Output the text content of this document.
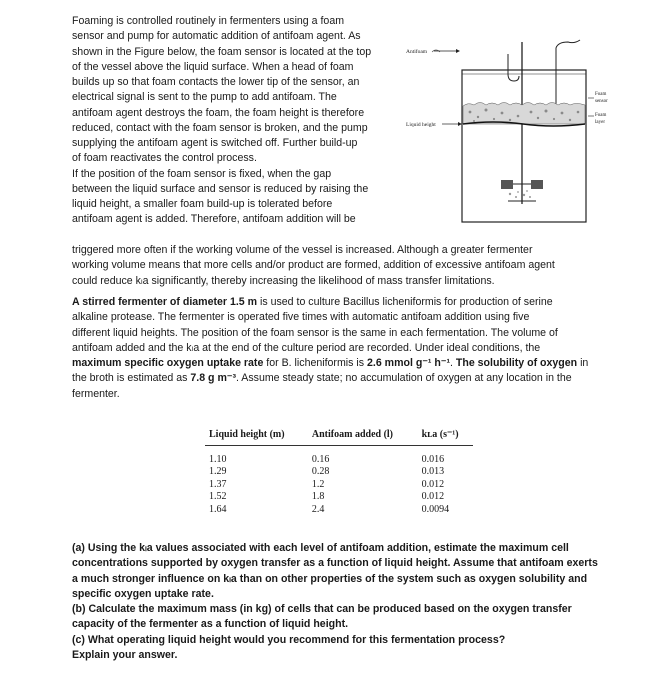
Foaming is controlled routinely in fermenters using a foam
sensor and pump for automatic addition of antifoam agent. As
shown in the Figure below, the foam sensor is located at the top
of the vessel above the liquid surface. When a head of foam
builds up so that foam contacts the lower tip of the sensor, an
electrical signal is sent to the pump to add antifoam. The
antifoam agent destroys the foam, the foam height is therefore
reduced, contact with the foam sensor is broken, and the pump
supplying the antifoam agent is switched off. Further build-up
of foam reactivates the control process.
If the position of the foam sensor is fixed, when the gap
between the liquid surface and sensor is reduced by raising the
liquid height, a smaller foam build-up is tolerated before
antifoam agent is added. Therefore, antifoam addition will be
Antifoam
Liquid height
Foam
sensor
Foam
layer
triggered more often if the working volume of the vessel is increased. Although a greater fermenter
working volume means that more cells and/or product are formed, addition of excessive antifoam agent
could reduce kₗa significantly, thereby increasing the likelihood of mass transfer limitations.
A stirred fermenter of diameter 1.5 m is used to culture Bacillus licheniformis for production of serine
alkaline protease. The fermenter is operated five times with automatic antifoam addition using five
different liquid heights. The position of the foam sensor is the same in each fermentation. The volume of
antifoam added and the kₗa at the end of the culture period are recorded. Under ideal conditions, the
maximum specific oxygen uptake rate for B. licheniformis is 2.6 mmol g⁻¹ h⁻¹. The solubility of oxygen in
the broth is estimated as 7.8 g m⁻³. Assume steady state; no accumulation of oxygen at any location in the
fermenter.
Liquid height (m)	Antifoam added (l)	kʟa (s⁻¹)
1.10	0.16	0.016
1.29	0.28	0.013
1.37	1.2	0.012
1.52	1.8	0.012
1.64	2.4	0.0094
(a) Using the kₗa values associated with each level of antifoam addition, estimate the maximum cell
concentrations supported by oxygen transfer as a function of liquid height. Assume that antifoam exerts
a much stronger influence on kₗa than on other properties of the system such as oxygen solubility and
specific oxygen uptake rate.
(b) Calculate the maximum mass (in kg) of cells that can be produced based on the oxygen transfer
capacity of the fermenter as a function of liquid height.
(c) What operating liquid height would you recommend for this fermentation process?
Explain your answer.
